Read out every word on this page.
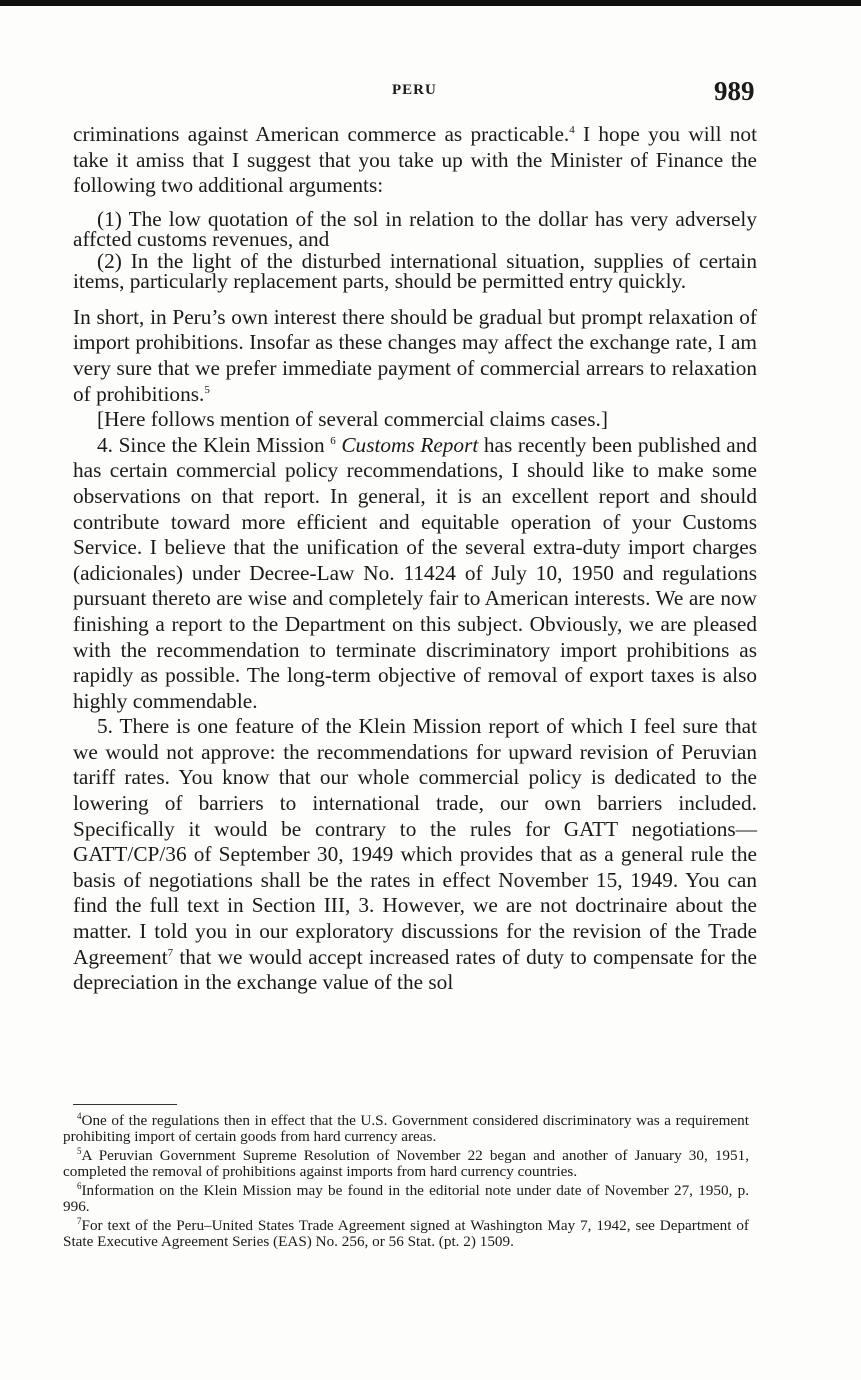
PERU	989

criminations against American commerce as practicable.$^4$ I hope you will not take it amiss that I suggest that you take up with the Minister of Finance the following two additional arguments:

(1) The low quotation of the sol in relation to the dollar has very adversely affcted customs revenues, and

(2) In the light of the disturbed international situation, supplies of certain items, particularly replacement parts, should be permitted entry quickly.

In short, in Peru’s own interest there should be gradual but prompt relaxation of import prohibitions. Insofar as these changes may affect the exchange rate, I am very sure that we prefer immediate payment of commercial arrears to relaxation of prohibitions.$^5$

[Here follows mention of several commercial claims cases.]

4. Since the Klein Mission $^6$ Customs Report has recently been published and has certain commercial policy recommendations, I should like to make some observations on that report. In general, it is an excellent report and should contribute toward more efficient and equitable operation of your Customs Service. I believe that the unification of the several extra-duty import charges (adicionales) under Decree-Law No. 11424 of July 10, 1950 and regulations pursuant thereto are wise and completely fair to American interests. We are now finishing a report to the Department on this subject. Obviously, we are pleased with the recommendation to terminate discriminatory import prohibitions as rapidly as possible. The long-term objective of removal of export taxes is also highly commendable.

5. There is one feature of the Klein Mission report of which I feel sure that we would not approve: the recommendations for upward revision of Peruvian tariff rates. You know that our whole commercial policy is dedicated to the lowering of barriers to international trade, our own barriers included. Specifically it would be contrary to the rules for GATT negotiations—GATT/CP/36 of September 30, 1949 which provides that as a general rule the basis of negotiations shall be the rates in effect November 15, 1949. You can find the full text in Section III, 3. However, we are not doctrinaire about the matter. I told you in our exploratory discussions for the revision of the Trade Agreement$^7$ that we would accept increased rates of duty to compensate for the depreciation in the exchange value of the sol

$^4$One of the regulations then in effect that the U.S. Government considered discriminatory was a requirement prohibiting import of certain goods from hard currency areas.

$^5$A Peruvian Government Supreme Resolution of November 22 began and another of January 30, 1951, completed the removal of prohibitions against imports from hard currency countries.

$^6$Information on the Klein Mission may be found in the editorial note under date of November 27, 1950, p. 996.

$^7$For text of the Peru–United States Trade Agreement signed at Washington May 7, 1942, see Department of State Executive Agreement Series (EAS) No. 256, or 56 Stat. (pt. 2) 1509.
